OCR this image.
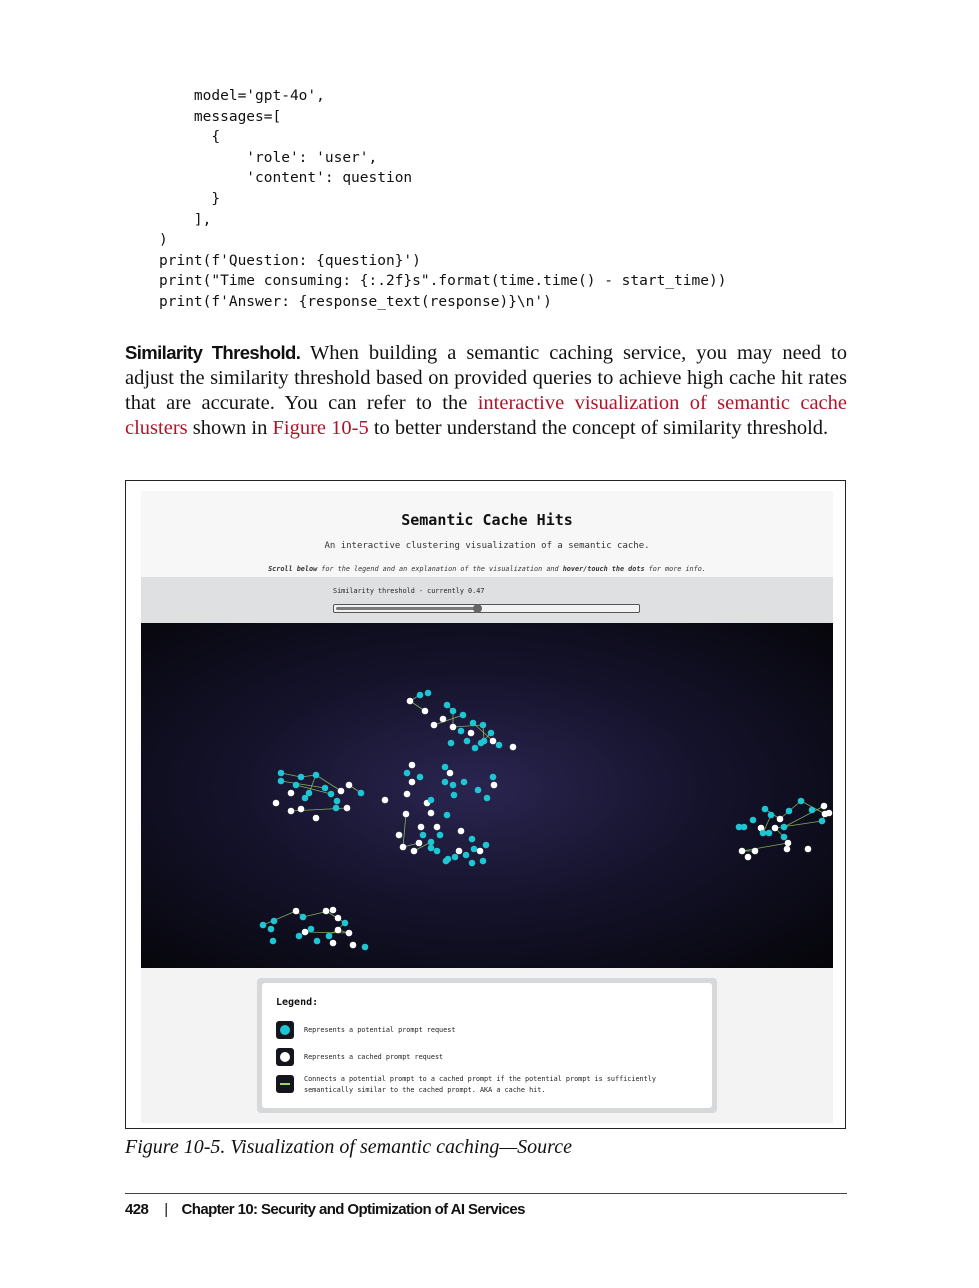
model='gpt-4o',
messages=[
{
'role': 'user',
'content': question
}
],
)
print(f'Question: {question}')
print("Time consuming: {:.2f}s".format(time.time() - start_time))
print(f'Answer: {response_text(response)}\n')

Similarity Threshold. When building a semantic caching service, you may need to adjust the similarity threshold based on provided queries to achieve high cache hit rates that are accurate. You can refer to the interactive visualization of semantic cache clusters shown in Figure 10-5 to better understand the concept of similarity threshold.

Semantic Cache Hits
An interactive clustering visualization of a semantic cache.
Scroll below for the legend and an explanation of the visualization and hover/touch the dots for more info.
Similarity threshold - currently 0.47
Legend:
Represents a potential prompt request
Represents a cached prompt request
Connects a potential prompt to a cached prompt if the potential prompt is sufficiently semantically similar to the cached prompt. AKA a cache hit.
Figure 10-5. Visualization of semantic caching—Source
428 | Chapter 10: Security and Optimization of AI Services
